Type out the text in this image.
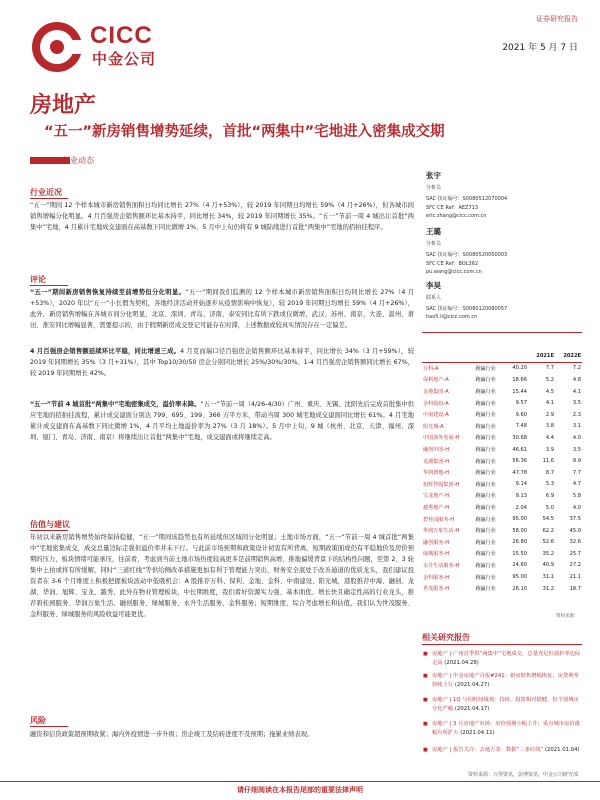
CICC
中金公司
证券研究报告
2021 年 5 月 7 日
房地产
“五一”新房销售增势延续，首批“两集中”宅地进入密集成交期
行业动态
行业近况
“五一”期间 12 个样本城市新房销售面积日均同比增长 27%（4 月+53%），较 2019 年同期日均增长 59%（4 月+26%），但各城市间销售增幅分化明显。4 月百强房企销售额环比基本持平，同比增长 34%，较 2019 年同期增长 35%。“五一”节前一周 4 城出让首批“两集中”宅地，4 月累计宅地成交建面在高基数下同比微增 1%，5 月中上旬仍将有 9 城陆续进行首批“两集中”宅地的招拍挂程序。
评论
“五一”期间新房销售恢复持续至前增势但分化明显。“五一”期间我们监测的 12 个样本城市新房销售面积日均同比增长 27%（4 月+53%），2020 年以“五一”小长假为契机，各地经济活动开始逐步从疫情影响中恢复），较 2019 年同期日均增长 59%（4 月+26%），此外，新房销售增幅在各城市间分化明显，北京、深圳、青岛、济南、泰安同比有所下跌或仅微增，武汉、苏州、南京、大连、温州、莆田、淮安同比增幅显著，需要提示的，由于假期新房成交登记可能存在时滞，上述数据或较真实情况存在一定偏差。
4 月百强房企销售额延续环比平稳，同比增速三成。4 月克而瑞口径百强房企销售额环比基本持平，同比增长 34%（3 月+59%），较 2019 年同期增长 35%（3 月+31%），其中 Top10/30/50 房企分别同比增长 25%/30%/30%。1-4 月百强房企销售额同比增长 67%，较 2019 年同期增长 42%。
“五一”节前 4 城首批“两集中”宅地密集成交，溢价率未降。“五一”节前一周（4/26-4/30）广州、重庆、无锡、沈阳先后完成首批集中供应宅地的招拍挂流程，累计成交建面分别达 799、695、199、366 万平方米，带动当周 300 城宅地成交建面同比增长 61%。4 月宅地累计成交建面在高基数下同比微增 1%，4 月平均土地溢价率为 27%（3 月 18%）。5 月中上旬，9 城（杭州、北京、天津、福州、深圳、厦门、青岛、济南、南京）将继续出让首批“两集中”宅地，成交建面或将继续走高。
估值与建议
年初以来新房销售增势始终保持稳健，“五一”期间该趋势也有所延续但区域间分化明显；土地市场方面，“五一”节前一周 4 城首批“两集中”宅地密集成交，成交总量边际走强但溢价率并未下行。与此前市场预期和政策设计初衷有所背离，短期政策面或仍有平稳地价及房价预期的压力，板块情绪可能承压，往前看，考虑到当前土地市场热度较高更多是前期销售高增、推地偏缓背景下的结构性问题，至第 2、3 轮集中土拍或将有所缓解，同时“三道红线”等供给侧改革措施更加有利于管理能力突出、财务安全底处于改善通道的优质龙头，我们建议投资者在 3-6 个月维度上积极把握板块波动中低吸机会：A 股推荐万科、保利、金地、金科、中南建设、阳光城，港股推荐中海、融创、龙湖、华润、旭辉、宝龙、越秀，此外在物业管理板块，中长期维度，我们看好资源实力强、基本面优、增长快且确定性高的行业龙头，推荐碧桂园服务、华润万象生活、融创服务、绿城服务、永升生活服务、金科服务；短期维度，综合考虑增长和估值，我们认为世茂服务、金科服务、绿城服务的风险收益可能更优。
风险
融资和信贷政策超预期收紧；海内外疫情进一步升级；房企竣工及结转进度不及预期；拖累业绩表现。
张宇
分析员
SAC 执证编号：S0080512070004
SFC CE Ref：AEZ713
eric.zhang@cicc.com.cn
王璐
分析员
SAC 执证编号：S0080520050003
SFC CE Ref：BOL362
pu.wang@cicc.com.cn
李昊
联系人
SAC 执证编号：S0080120080057
hao5.li@cicc.com.cn
			2021E	2022E
万科-A	跑赢行业	40.20	7.7	7.2
保利地产-A	跑赢行业	18.66	5.2	4.8
金地集团-A	跑赢行业	15.44	4.5	4.1
金科股份-A	跑赢行业	9.57	4.1	3.5
中南建设-A	跑赢行业	9.60	2.9	2.3
阳光城-A	跑赢行业	7.48	3.8	3.1
中国海外发展-H	跑赢行业	30.68	4.4	4.0
融创中国-H	跑赢行业	46.61	3.9	3.5
龙湖集团-H	跑赢行业	56.36	11.6	9.9
华润置地-H	跑赢行业	47.78	8.7	7.7
旭辉控股集团-H	跑赢行业	9.14	5.3	4.7
宝龙地产-H	跑赢行业	9.13	6.9	5.8
越秀地产-H	跑赢行业	2.04	5.0	4.0
碧桂园服务-H	跑赢行业	95.00	54.5	37.5
华润万象生活-H	跑赢行业	58.00	62.2	45.0
融创服务-H	跑赢行业	26.80	52.6	32.6
绿城服务-H	跑赢行业	15.50	35.2	25.7
永升生活服务-H	跑赢行业	24.60	40.9	27.2
金科服务-H	跑赢行业	95.00	31.1	21.1
世茂服务-H	跑赢行业	26.10	31.2	18.7
资料来源：
相关研究报告
■ 房地产 | 广州首季供“两集中”宅地成交，总量充足但溢价率边际走高 (2021.04.28)
■ 房地产 | 中金房地产月报#241：新房销售增幅恢复，房贷利率持续上行 (2021.04.27)
■ 房地产 | 1Q 与同时间线观：持续、投资相对稳健，但个别城市分化严峻 (2021.04.17)
■ 房地产 | 3 月房地产市场：房价预期小幅上升；重点城市房价涨幅有所扩大 (2021.04.11)
■ 房地产 | 报告关注：去地方表：数据“三条红线” (2021.01.04)
资料来源：万得资讯，彭博资讯，中金公司研究部
请仔细阅读在本报告尾部的重要法律声明
